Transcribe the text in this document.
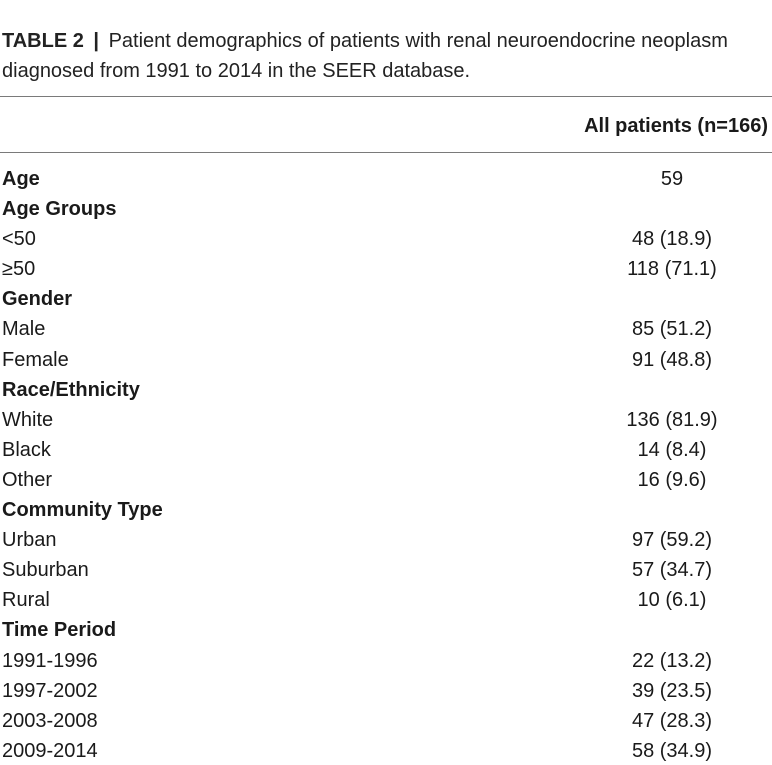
TABLE 2 | Patient demographics of patients with renal neuroendocrine neoplasm diagnosed from 1991 to 2014 in the SEER database.
All patients (n=166)
Age	59
Age Groups
<50	48 (18.9)
≥50	118 (71.1)
Gender
Male	85 (51.2)
Female	91 (48.8)
Race/Ethnicity
White	136 (81.9)
Black	14 (8.4)
Other	16 (9.6)
Community Type
Urban	97 (59.2)
Suburban	57 (34.7)
Rural	10 (6.1)
Time Period
1991-1996	22 (13.2)
1997-2002	39 (23.5)
2003-2008	47 (28.3)
2009-2014	58 (34.9)
